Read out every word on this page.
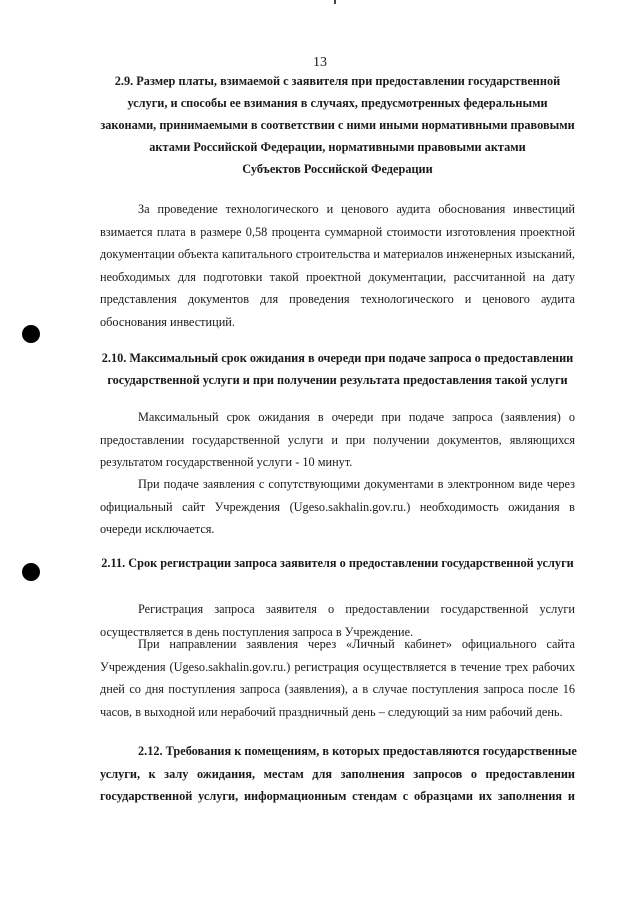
13
2.9. Размер платы, взимаемой с заявителя при предоставлении государственной
услуги, и способы ее взимания в случаях, предусмотренных федеральными
законами, принимаемыми в соответствии с ними иными нормативными правовыми
актами Российской Федерации, нормативными правовыми актами
Субъектов Российской Федерации
За проведение технологического и ценового аудита обоснования инвестиций
взимается плата в размере 0,58 процента суммарной стоимости изготовления проектной
документации объекта капитального строительства и материалов инженерных изысканий,
необходимых для подготовки такой проектной документации, рассчитанной на дату
представления документов для проведения технологического и ценового аудита
обоснования инвестиций.
2.10. Максимальный срок ожидания в очереди при подаче запроса о предоставлении
государственной услуги и при получении результата предоставления такой услуги
Максимальный срок ожидания в очереди при подаче запроса (заявления) о
предоставлении государственной услуги и при получении документов, являющихся
результатом государственной услуги - 10 минут.
При подаче заявления с сопутствующими документами в электронном виде через
официальный сайт Учреждения (Ugeso.sakhalin.gov.ru.) необходимость ожидания в
очереди исключается.
2.11. Срок регистрации запроса заявителя о предоставлении государственной услуги
Регистрация запроса заявителя о предоставлении государственной услуги
осуществляется в день поступления запроса в Учреждение.
При направлении заявления через «Личный кабинет» официального сайта
Учреждения (Ugeso.sakhalin.gov.ru.) регистрация осуществляется в течение трех рабочих
дней со дня поступления запроса (заявления), а в случае поступления запроса после 16
часов, в выходной или нерабочий праздничный день – следующий за ним рабочий день.
2.12. Требования к помещениям, в которых предоставляются государственные
услуги, к залу ожидания, местам для заполнения запросов о предоставлении
государственной услуги, информационным стендам с образцами их заполнения и
